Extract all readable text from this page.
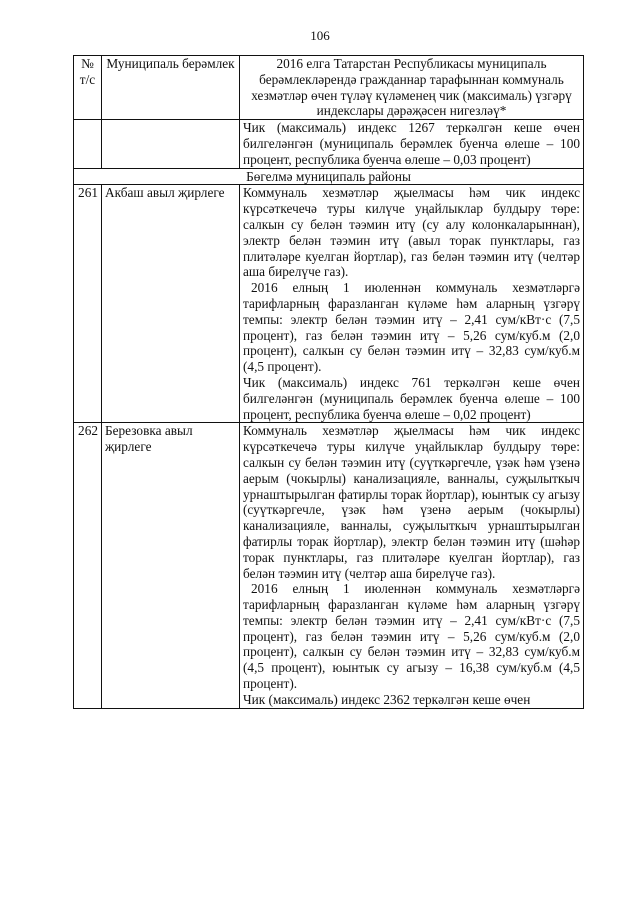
106
№ т/с	Муниципаль берәмлек	2016 елга Татарстан Республикасы муниципаль берәмлекләрендә гражданнар тарафыннан коммуналь хезмәтләр өчен түләү күләменең чик (максималь) үзгәрү индекслары дәрәҗәсен нигезләү*

		Чик (максималь) индекс 1267 теркәлгән кеше өчен билгеләнгән (муниципаль берәмлек буенча өлеше – 100 процент, республика буенча өлеше – 0,03 процент)

Бөгелмә муниципаль районы		
261	Акбаш авыл җирлеге	Коммуналь хезмәтләр җыелмасы һәм чик индекс күрсәткечечә туры килүче уңайлыклар булдыру төре: салкын су белән тәэмин итү (су алу колонкаларыннан), электр белән тәэмин итү (авыл торак пунктлары, газ плитәләре куелган йортлар), газ белән тәэмин итү (челтәр аша бирелүче газ).

2016 елның 1 июленнән коммуналь хезмәтләргә тарифларның фаразланган күләме һәм аларның үзгәрү темпы: электр белән тәэмин итү – 2,41 сум/кВт·с (7,5 процент), газ белән тәэмин итү – 5,26 сум/куб.м (2,0 процент), салкын су белән тәэмин итү – 32,83 сум/куб.м (4,5 процент).

Чик (максималь) индекс 761 теркәлгән кеше өчен билгеләнгән (муниципаль берәмлек буенча өлеше – 100 процент, республика буенча өлеше – 0,02 процент)

262	Березовка авыл җирлеге	Коммуналь хезмәтләр җыелмасы һәм чик индекс күрсәткечечә туры килүче уңайлыклар булдыру төре: салкын су белән тәэмин итү (суүткәргечле, үзәк һәм үзенә аерым (чокырлы) канализацияле, ванналы, суҗылыткыч урнаштырылган фатирлы торак йортлар), юынтык су агызу (суүткәргечле, үзәк һәм үзенә аерым (чокырлы) канализацияле, ванналы, суҗылыткыч урнаштырылган фатирлы торак йортлар), электр белән тәэмин итү (шәһәр торак пунктлары, газ плитәләре куелган йортлар), газ белән тәэмин итү (челтәр аша бирелүче газ).

2016 елның 1 июленнән коммуналь хезмәтләргә тарифларның фаразланган күләме һәм аларның үзгәрү темпы: электр белән тәэмин итү – 2,41 сум/кВт·с (7,5 процент), газ белән тәэмин итү – 5,26 сум/куб.м (2,0 процент), салкын су белән тәэмин итү – 32,83 сум/куб.м (4,5 процент), юынтык су агызу – 16,38 сум/куб.м (4,5 процент).

Чик (максималь) индекс 2362 теркәлгән кеше өчен
